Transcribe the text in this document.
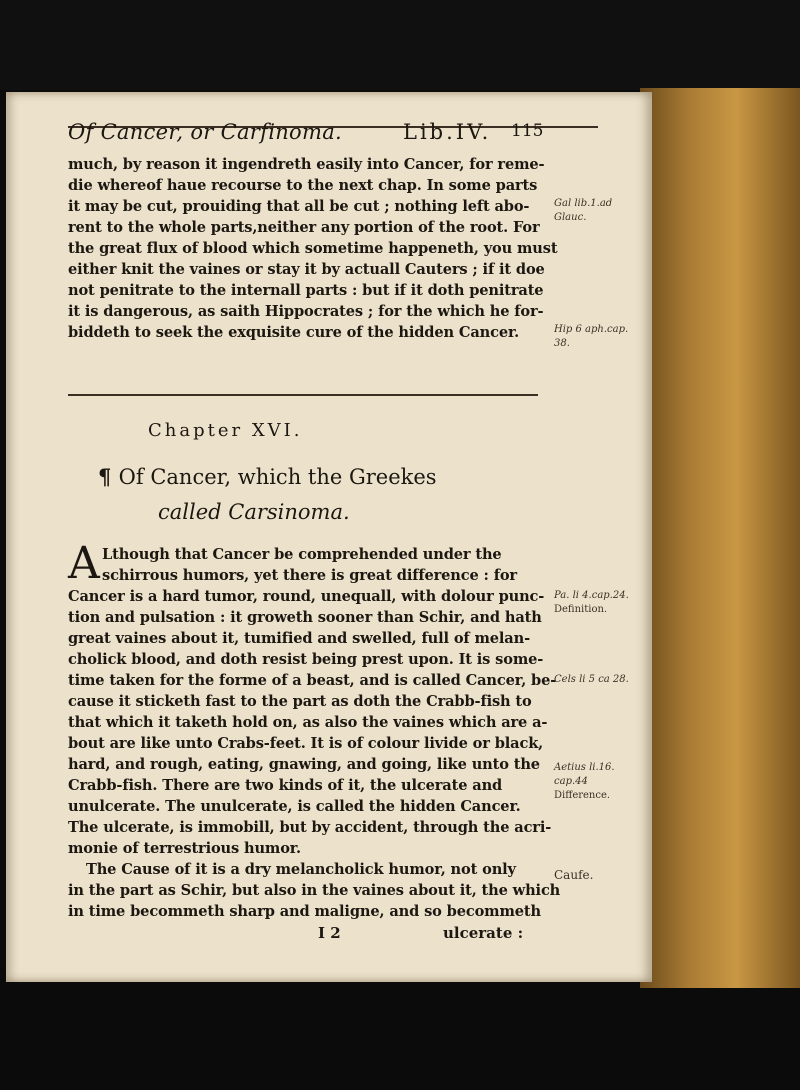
Of Cancer, or Carfinoma.	Lib.IV. 115
much, by reason it ingendreth easily into Cancer, for reme-
die whereof haue recourse to the next chap. In some parts
it may be cut, prouiding that all be cut ; nothing left abo-
rent to the whole parts,neither any portion of the root. For
the great flux of blood which sometime happeneth, you must
either knit the vaines or stay it by actuall Cauters ; if it doe
not penitrate to the internall parts : but if it doth penitrate
it is dangerous, as saith Hippocrates ; for the which he for-
biddeth to seek the exquisite cure of the hidden Cancer.
Chapter XVI.
¶ Of Cancer, which the Greekes
called Carsinoma.
A Lthough that Cancer be comprehended under the
schirrous humors, yet there is great difference : for
Cancer is a hard tumor, round, unequall, with dolour punc-
tion and pulsation : it groweth sooner than Schir, and hath
great vaines about it, tumified and swelled, full of melan-
cholick blood, and doth resist being prest upon. It is some-
time taken for the forme of a beast, and is called Cancer, be-
cause it sticketh fast to the part as doth the Crabb-fish to
that which it taketh hold on, as also the vaines which are a-
bout are like unto Crabs-feet. It is of colour livide or black,
hard, and rough, eating, gnawing, and going, like unto the
Crabb-fish. There are two kinds of it, the ulcerate and
unulcerate. The unulcerate, is called the hidden Cancer.
The ulcerate, is immobill, but by accident, through the acri-
monie of terrestrious humor.
The Cause of it is a dry melancholick humor, not only
in the part as Schir, but also in the vaines about it, the which
in time becommeth sharp and maligne, and so becommeth
I 2	ulcerate :
Gal lib.1.ad
Glauc.
Hip 6 aph.cap.
38.
Pa. li 4.cap.24.
Definition.
Cels li 5 ca 28.
Aetius li.16.
cap.44
Difference.
Caufe.
